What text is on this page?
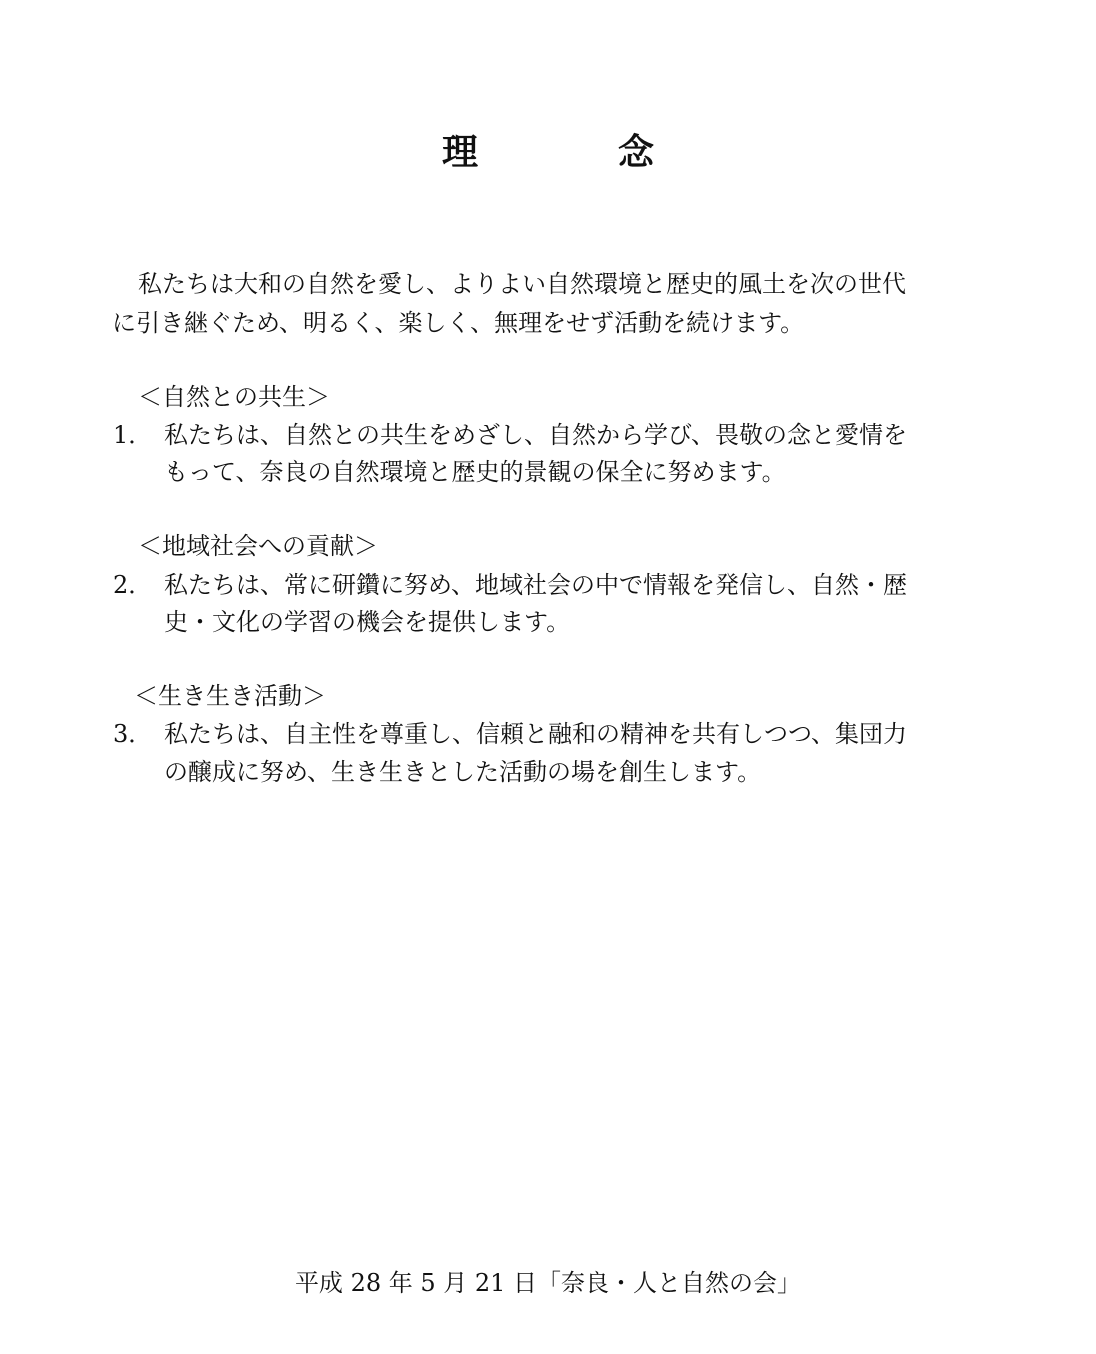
理　念
私たちは大和の自然を愛し、よりよい自然環境と歴史的風土を次の世代
に引き継ぐため、明るく、楽しく、無理をせず活動を続けます。
＜自然との共生＞
1． 私たちは、自然との共生をめざし、自然から学び、畏敬の念と愛情を
もって、奈良の自然環境と歴史的景観の保全に努めます。
＜地域社会への貢献＞
2． 私たちは、常に研鑽に努め、地域社会の中で情報を発信し、自然・歴
史・文化の学習の機会を提供します。
＜生き生き活動＞
3． 私たちは、自主性を尊重し、信頼と融和の精神を共有しつつ、集団力
の醸成に努め、生き生きとした活動の場を創生します。
平成 28 年 5 月 21 日「奈良・人と自然の会」
